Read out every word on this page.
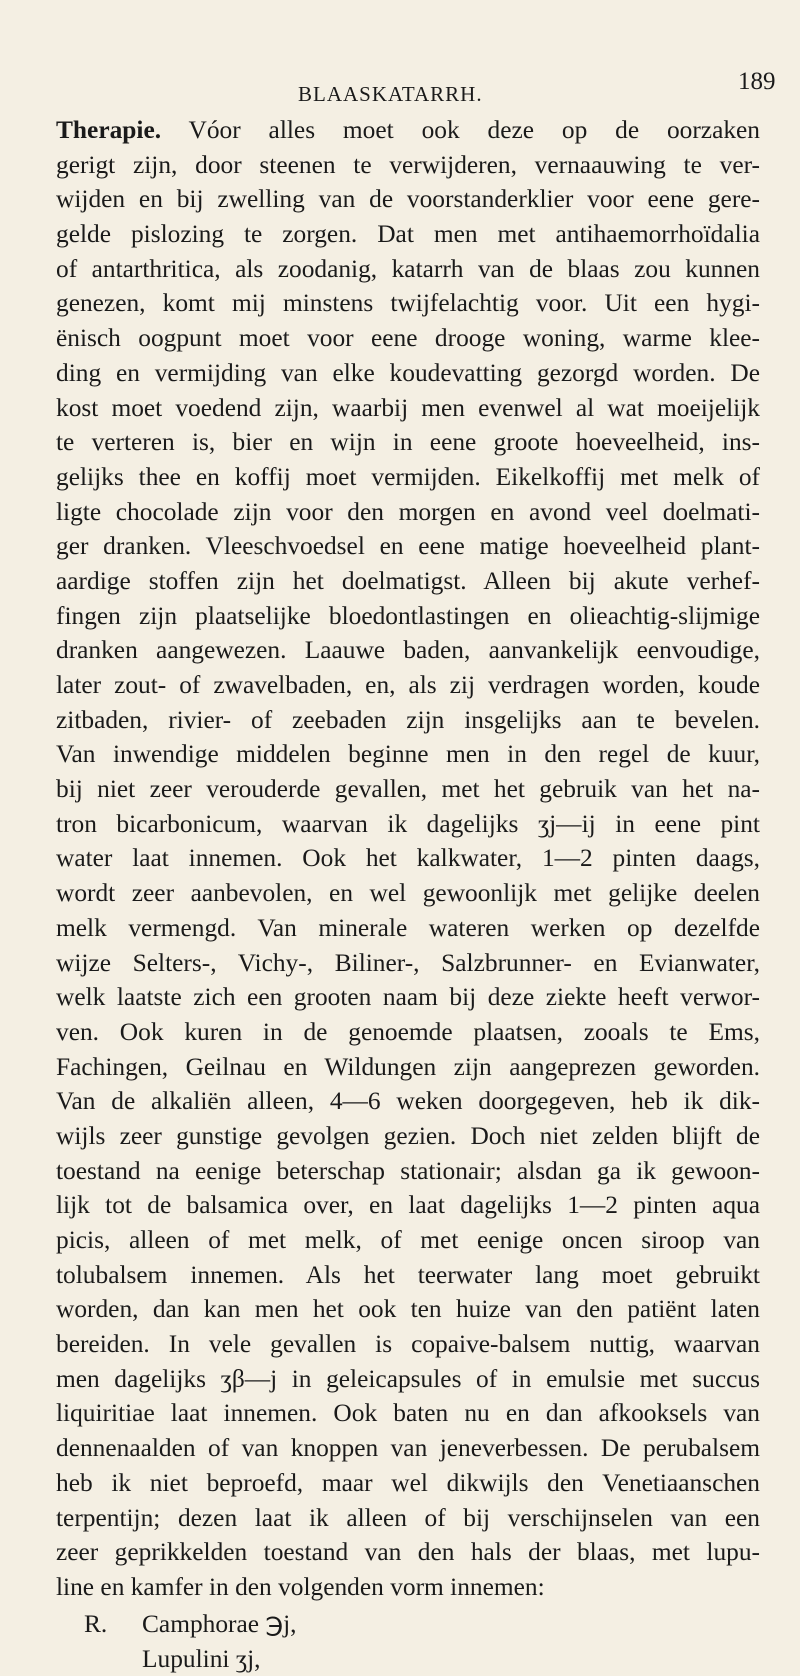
BLAASKATARRH.	189
Therapie. Vóor alles moet ook deze op de oorzaken
gerigt zijn, door steenen te verwijderen, vernaauwing te ver-
wijden en bij zwelling van de voorstanderklier voor eene gere-
gelde pislozing te zorgen. Dat men met antihaemorrhoïdalia
of antarthritica, als zoodanig, katarrh van de blaas zou kunnen
genezen, komt mij minstens twijfelachtig voor. Uit een hygi-
ënisch oogpunt moet voor eene drooge woning, warme klee-
ding en vermijding van elke koudevatting gezorgd worden. De
kost moet voedend zijn, waarbij men evenwel al wat moeijelijk
te verteren is, bier en wijn in eene groote hoeveelheid, ins-
gelijks thee en koffij moet vermijden. Eikelkoffij met melk of
ligte chocolade zijn voor den morgen en avond veel doelmati-
ger dranken. Vleeschvoedsel en eene matige hoeveelheid plant-
aardige stoffen zijn het doelmatigst. Alleen bij akute verhef-
fingen zijn plaatselijke bloedontlastingen en olieachtig-slijmige
dranken aangewezen. Laauwe baden, aanvankelijk eenvoudige,
later zout- of zwavelbaden, en, als zij verdragen worden, koude
zitbaden, rivier- of zeebaden zijn insgelijks aan te bevelen.
Van inwendige middelen beginne men in den regel de kuur,
bij niet zeer verouderde gevallen, met het gebruik van het na-
tron bicarbonicum, waarvan ik dagelijks ʒj—ij in eene pint
water laat innemen. Ook het kalkwater, 1—2 pinten daags,
wordt zeer aanbevolen, en wel gewoonlijk met gelijke deelen
melk vermengd. Van minerale wateren werken op dezelfde
wijze Selters-, Vichy-, Biliner-, Salzbrunner- en Evianwater,
welk laatste zich een grooten naam bij deze ziekte heeft verwor-
ven. Ook kuren in de genoemde plaatsen, zooals te Ems,
Fachingen, Geilnau en Wildungen zijn aangeprezen geworden.
Van de alkaliën alleen, 4—6 weken doorgegeven, heb ik dik-
wijls zeer gunstige gevolgen gezien. Doch niet zelden blijft de
toestand na eenige beterschap stationair; alsdan ga ik gewoon-
lijk tot de balsamica over, en laat dagelijks 1—2 pinten aqua
picis, alleen of met melk, of met eenige oncen siroop van
tolubalsem innemen. Als het teerwater lang moet gebruikt
worden, dan kan men het ook ten huize van den patiënt laten
bereiden. In vele gevallen is copaive-balsem nuttig, waarvan
men dagelijks ʒβ—j in geleicapsules of in emulsie met succus
liquiritiae laat innemen. Ook baten nu en dan afkooksels van
dennenaalden of van knoppen van jeneverbessen. De perubalsem
heb ik niet beproefd, maar wel dikwijls den Venetiaanschen
terpentijn; dezen laat ik alleen of bij verschijnselen van een
zeer geprikkelden toestand van den hals der blaas, met lupu-
line en kamfer in den volgenden vorm innemen:
R. Camphorae ℈j,
Lupulini ʒj,
